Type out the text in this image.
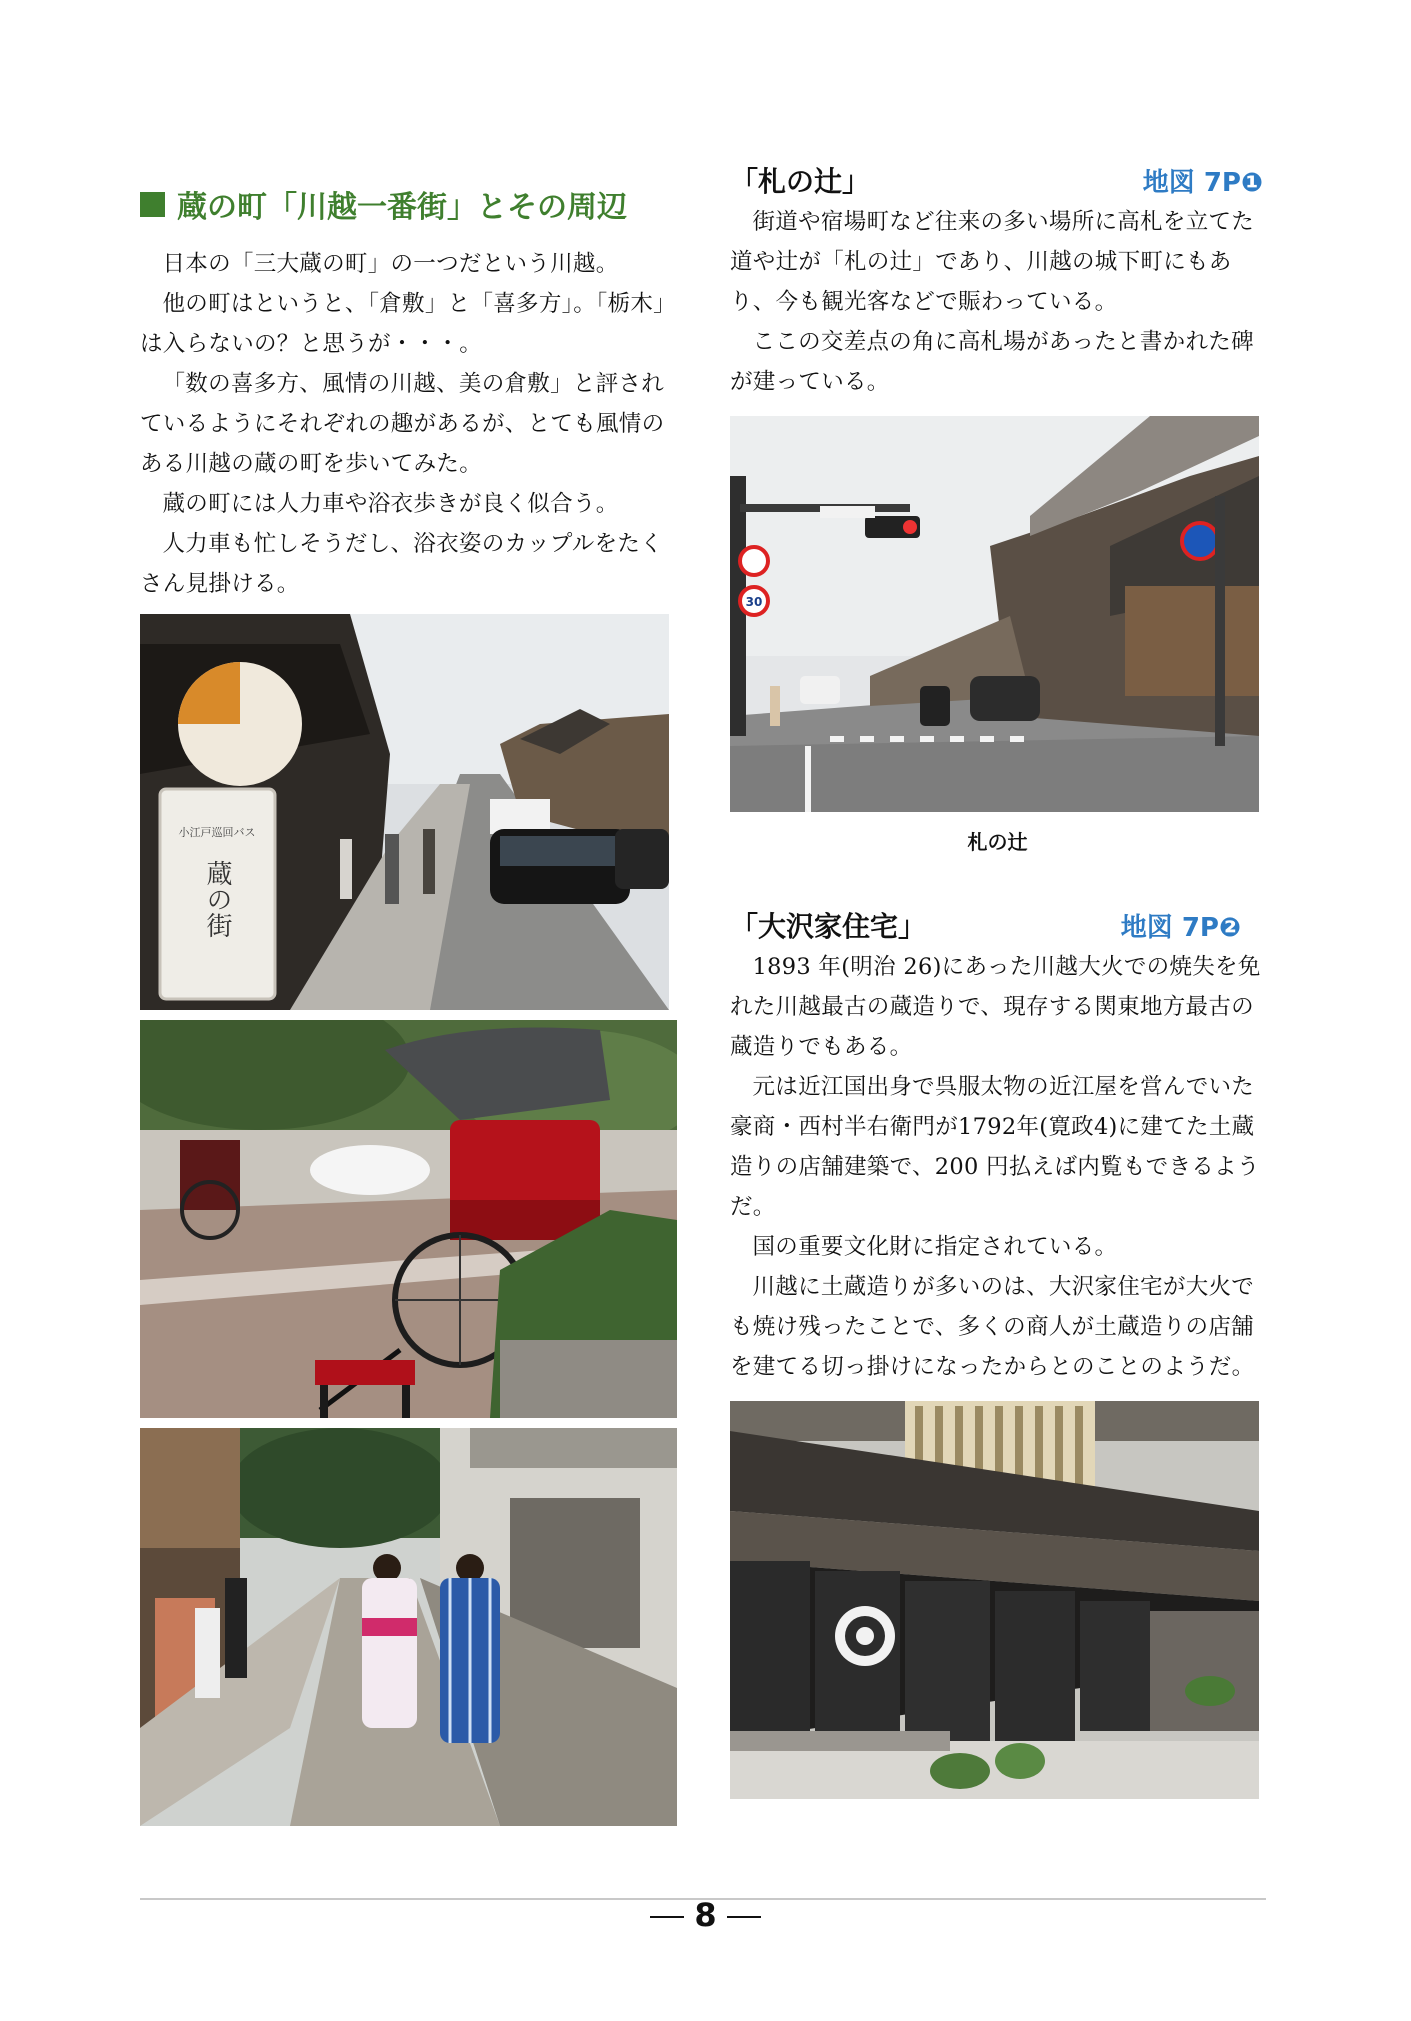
蔵の町「川越一番街」とその周辺

日本の「三大蔵の町」の一つだという川越。

他の町はというと、「倉敷」と「喜多方」。「栃木」は入らないの？と思うが・・・。

「数の喜多方、風情の川越、美の倉敷」と評されているようにそれぞれの趣があるが、とても風情のある川越の蔵の町を歩いてみた。

蔵の町には人力車や浴衣歩きが良く似合う。

人力車も忙しそうだし、浴衣姿のカップルをたくさん見掛ける。

小江戸巡回バス
蔵の街
「札の辻」	地図 7P❶

街道や宿場町など往来の多い場所に高札を立てた道や辻が「札の辻」であり、川越の城下町にもあり、今も観光客などで賑わっている。

ここの交差点の角に高札場があったと書かれた碑が建っている。

30

札の辻

「大沢家住宅」	地図 7P❷

1893 年(明治 26)にあった川越大火での焼失を免れた川越最古の蔵造りで、現存する関東地方最古の蔵造りでもある。

元は近江国出身で呉服太物の近江屋を営んでいた豪商・西村半右衛門が1792年(寛政4)に建てた土蔵造りの店舗建築で、200 円払えば内覧もできるようだ。

国の重要文化財に指定されている。

川越に土蔵造りが多いのは、大沢家住宅が大火でも焼け残ったことで、多くの商人が土蔵造りの店舗を建てる切っ掛けになったからとのことのようだ。

8
